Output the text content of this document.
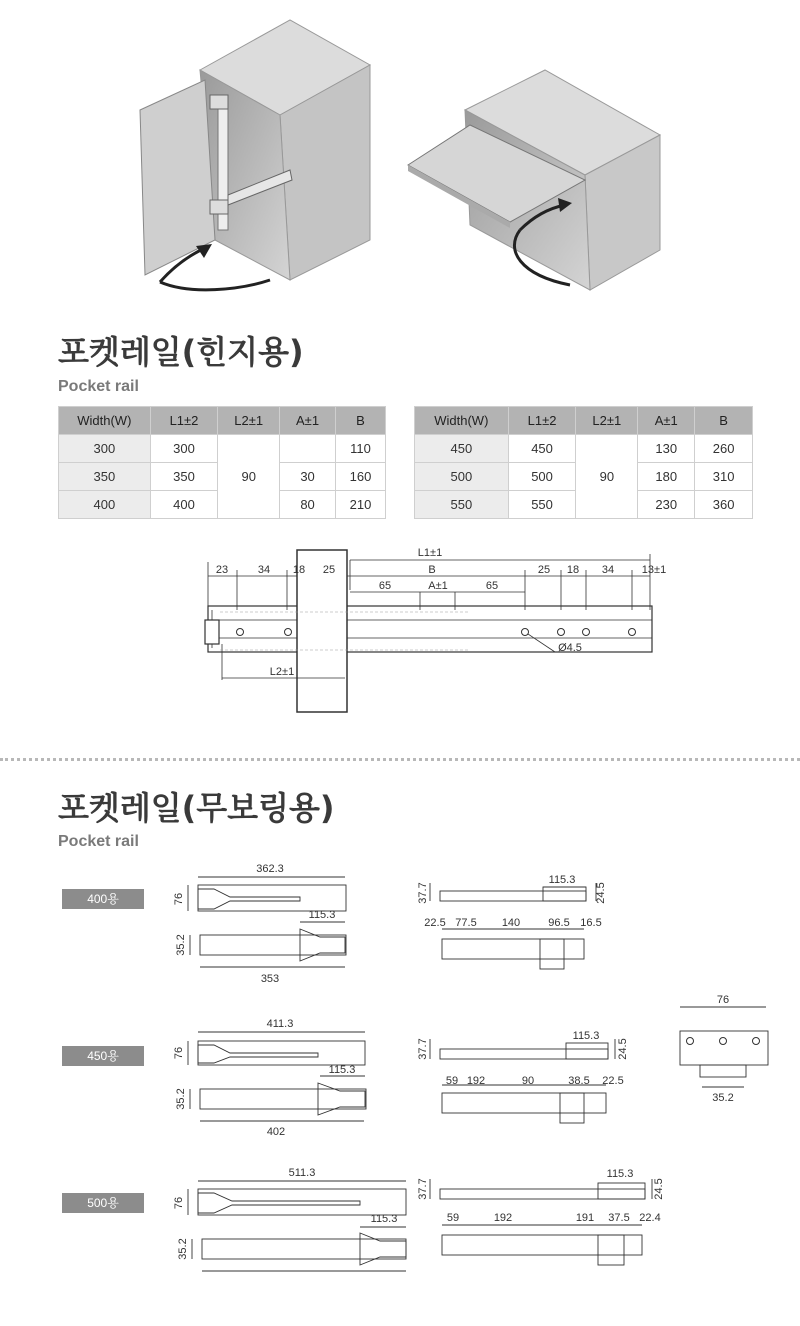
포켓레일(힌지용)
Pocket rail
Width(W)	L1±2	L2±1	A±1	B
300	300	90		110
350	350		30	160
400	400		80	210
Width(W)	L1±2	L2±1	A±1	B
450	450	90	130	260
500	500		180	310
550	550		230	360
L1±1
B
23	34 18 25
65	A±1	65
25 18 34	13±1
Ø4.5
L2±1
포켓레일(무보링용)
Pocket rail
400용
450용
500용
362.3
76
115.3
35.2
353
37.7
115.3
24.5
22.5 77.5 140	96.5 16.5
411.3
76
115.3
35.2
402
37.7
115.3
24.5
59 192	90	38.5 22.5
511.3
76
115.3
35.2
37.7
115.3
24.5
59	192	191 37.5 22.4
76
35.2
